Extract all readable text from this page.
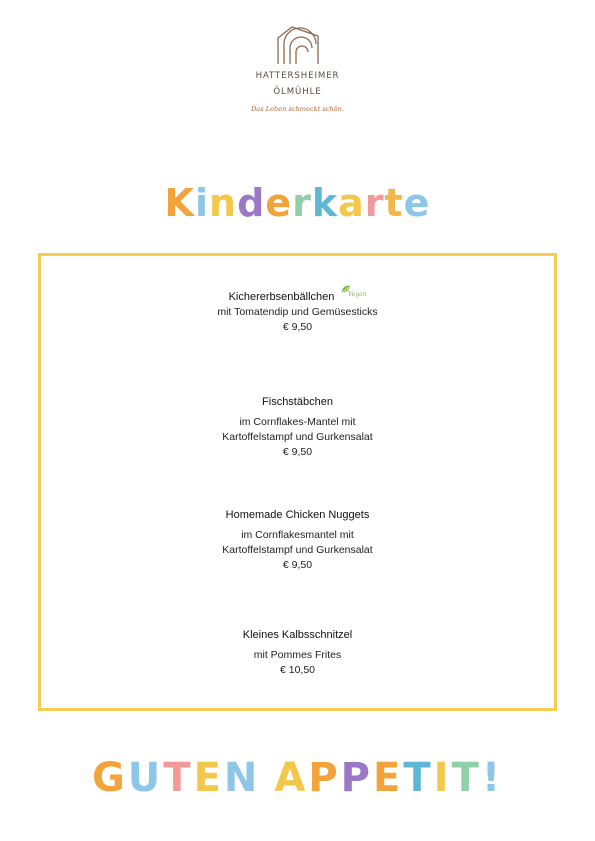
HATTERSHEIMER
ÖLMÜHLE
Das Leben schmeckt schön.
Kinderkarte
Kichererbsenbällchen Vegan
mit Tomatendip und Gemüsesticks
€ 9,50
Fischstäbchen
im Cornflakes-Mantel mit
Kartoffelstampf und Gurkensalat
€ 9,50
Homemade Chicken Nuggets
im Cornflakesmantel mit
Kartoffelstampf und Gurkensalat
€ 9,50
Kleines Kalbsschnitzel
mit Pommes Frites
€ 10,50
GUTEN APPETIT!
